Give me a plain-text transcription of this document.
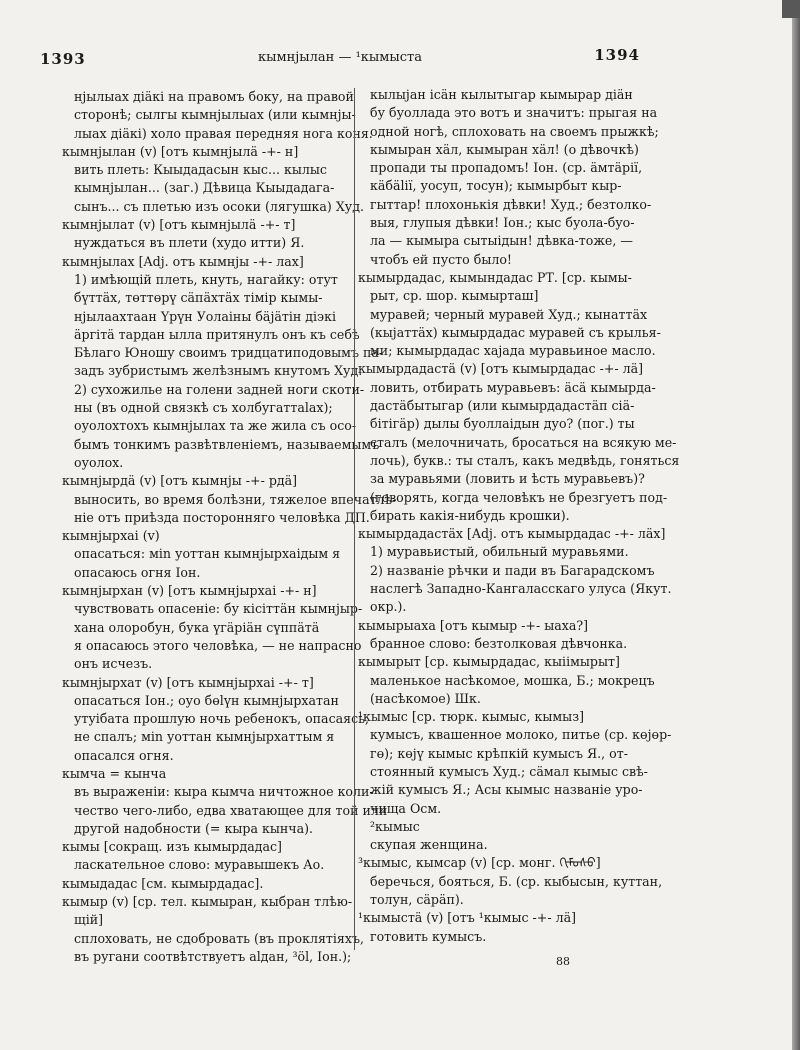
1393	кымнјылан — ¹кымыста	1394
нјылыах діäкі на правомъ боку, на правой
сторонѣ; сылгы кымнјылыах (или кымнјы-
лыах діäкі) холо правая передняя нога коня.
кымнјылан (v) [отъ кымнјылä -+- н]
вить плеть: Кыыдадасын кыс... кылыс
кымнјылан... (заг.) Дѣвица Кыыдадага-
сынъ... съ плетью изъ осоки (лягушка) Худ.
кымнјылат (v) [отъ кымнјылä -+- т]
нуждаться въ плети (худо итти) Я.
кымнјылах [Adj. отъ кымнјы -+- лах]
1) имѣющій плеть, кнуть, нагайку: отут
бүттäх, төттөрү сäпäхтäх тімір кымы-
нјылаахтаан Үрүн Уолаіны бäјäтін діэкі
äргітä тардан ылла притянулъ онъ къ себѣ
Бѣлаго Юношу своимъ тридцатиподовымъ па-
задъ зубристымъ желѣзнымъ кнутомъ Худ.
2) сухожилье на голени задней ноги скоти-
ны (въ одной связкѣ съ холбугаттаlах);
оуолохтохъ кымнјылах та же жила съ осо-
бымъ тонкимъ развѣтвленіемъ, называемымъ
оуолох.
кымнјырдä (v) [отъ кымнјы -+- рдä]
выносить, во время болѣзни, тяжелое впечатлѣ-
ніе отъ приѣзда посторонняго человѣка ДП.
кымнјырхаі (v)
опасаться: міn уоттан кымнјырхаідым я
опасаюсь огня Іон.
кымнјырхан (v) [отъ кымнјырхаі -+- н]
чувствовать опасеніе: бу кісіттäн кымнјыр-
хана олоробун, бука үгäріäн сүппäтä
я опасаюсь этого человѣка, — не напрасно
онъ исчезъ.
кымнјырхат (v) [отъ кымнјырхаі -+- т]
опасаться Іон.; оуо бөlүн кымнјырхатан
утуібата прошлую ночь ребенокъ, опасаясь,
не спалъ; міn уоттан кымнјырхаттым я
опасался огня.
кымча = кынча
въ выраженіи: кыра кымча ничтожное коли-
чество чего-либо, едва хватающее для той или
другой надобности (= кыра кынча).
кымы [сокращ. изъ кымырдадас]
ласкательное слово: муравышекъ Ао.
кымыдадас [см. кымырдадас].
кымыр (v) [ср. тел. кымыран, кыбран тлѣю-
щій]
сплоховать, не сдобровать (въ проклятіяхъ,
въ ругани соотвѣтствуетъ аlдан, ³öl, Іон.);
кылыјан ісäн кылытыгар кымырар діäн
бу буоллада это вотъ и значитъ: прыгая на
одной ногѣ, сплоховать на своемъ прыжкѣ;
кымыран хäл, кымыран хäл! (о дѣвочкѣ)
пропади ты пропадомъ! Іон. (ср. äмтäрії,
кäбälії, уосуп, тосун); кымырбыт кыр-
гыттар! плохонькія дѣвки! Худ.; безтолко-
выя, глупыя дѣвки! Іон.; кыс буола-буо-
ла — кымыра сытыідын! дѣвка-тоже, —
чтобъ ей пусто было!
кымырдадас, кымындадас РТ. [ср. кымы-
рыт, ср. шор. кымырташ]
муравей; черный муравей Худ.; кынаттäх
(кыјаттäх) кымырдадас муравей съ крылья-
ми; кымырдадас хајада муравьиное масло.
кымырдадастä (v) [отъ кымырдадас -+- лä]
ловить, отбирать муравьевъ: äсä кымырда-
дастäбытыгар (или кымырдадастäп сіä-
бітігäр) дылы буоллаідын дуо? (пог.) ты
сталъ (мелочничать, бросаться на всякую ме-
лочь), букв.: ты сталъ, какъ медвѣдь, гоняться
за муравьями (ловить и ѣсть муравьевъ)?
(говорять, когда человѣкъ не брезгуетъ под-
бирать какія-нибудь крошки).
кымырдадастäх [Adj. отъ кымырдадас -+- лäх]
1) муравьистый, обильный муравьями.
2) названіе рѣчки и пади въ Багарадскомъ
наслегѣ Западно-Кангаласскаго улуса (Якут.
окр.).
кымырыаха [отъ кымыр -+- ыаха?]
бранное слово: безтолковая дѣвчонка.
кымырыт [ср. кымырдадас, кыіімырыт]
маленькое насѣкомое, мошка, Б.; мокрецъ
(насѣкомое) Шк.
¹кымыс [ср. тюрк. кымыс, кымыз]
кумысъ, квашенное молоко, питье (ср. көјөр-
гө); көјү кымыс крѣпкій кумысъ Я., от-
стоянный кумысъ Худ.; сäмал кымыс свѣ-
жій кумысъ Я.; Асы кымыс названіе уро-
чища Осм.
²кымыс
скупая женщина.
³кымыс, кымсар (v) [ср. монг. ᠬᠢᠮᠤᠰᠤ]
беречься, бояться, Б. (ср. кыбысын, куттан,
толун, сäрäп).
¹кымыстä (v) [отъ ¹кымыс -+- лä]
готовить кумысъ.
88
